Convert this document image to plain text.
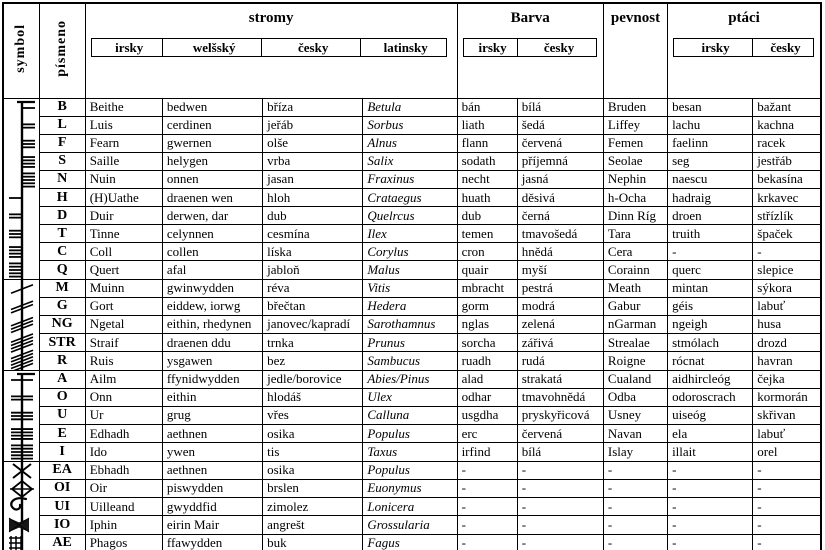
symbol	písmeno	
stromy
irsky	welšský	česky	latinsky

Barva
irsky	česky

pevnost	ptáci
irsky	česky

	B	Beithe	bedwen	bříza	Betula	bán	bílá	Bruden	besan	bažant
	L	Luis	cerdinen	jeřáb	Sorbus	liath	šedá	Liffey	lachu	kachna
	F	Fearn	gwernen	olše	Alnus	flann	červená	Femen	faelinn	racek
	S	Saille	helygen	vrba	Salix	sodath	příjemná	Seolae	seg	jestřáb
	N	Nuin	onnen	jasan	Fraxinus	necht	jasná	Nephin	naescu	bekasína
	H	(H)Uathe	draenen wen	hloh	Crataegus	huath	děsivá	h-Ocha	hadraig	krkavec
	D	Duir	derwen, dar	dub	Quelrcus	dub	černá	Dinn Ríg	droen	střízlík
	T	Tinne	celynnen	cesmína	Ilex	temen	tmavošedá	Tara	truith	špaček
	C	Coll	collen	líska	Corylus	cron	hnědá	Cera	-	-
	Q	Quert	afal	jabloň	Malus	quair	myší	Corainn	querc	slepice

	M	Muinn	gwinwydden	réva	Vitis	mbracht	pestrá	Meath	mintan	sýkora
	G	Gort	eiddew, iorwg	břečtan	Hedera	gorm	modrá	Gabur	géis	labuť
	NG	Ngetal	eithin, rhedynen	janovec/kapradí	Sarothamnus	nglas	zelená	nGarman	ngeigh	husa
	STR	Straif	draenen ddu	trnka	Prunus	sorcha	zářivá	Strealae	stmólach	drozd
	R	Ruis	ysgawen	bez	Sambucus	ruadh	rudá	Roigne	rócnat	havran

	A	Ailm	ffynidwydden	jedle/borovice	Abies/Pinus	alad	strakatá	Cualand	aidhircleóg	čejka
	O	Onn	eithin	hlodáš	Ulex	odhar	tmavohnědá	Odba	odoroscrach	kormorán
	U	Ur	grug	vřes	Calluna	usgdha	pryskyřicová	Usney	uiseóg	skřivan
	E	Edhadh	aethnen	osika	Populus	erc	červená	Navan	ela	labuť
	I	Ido	ywen	tis	Taxus	irfind	bílá	Islay	illait	orel

	EA	Ebhadh	aethnen	osika	Populus	-	-	-	-	-
	OI	Oir	piswydden	brslen	Euonymus	-	-	-	-	-
	UI	Uilleand	gwyddfid	zimolez	Lonicera	-	-	-	-	-
	IO	Iphin	eirin Mair	angrešt	Grossularia	-	-	-	-	-
	AE	Phagos	ffawydden	buk	Fagus	-	-	-	-	-
